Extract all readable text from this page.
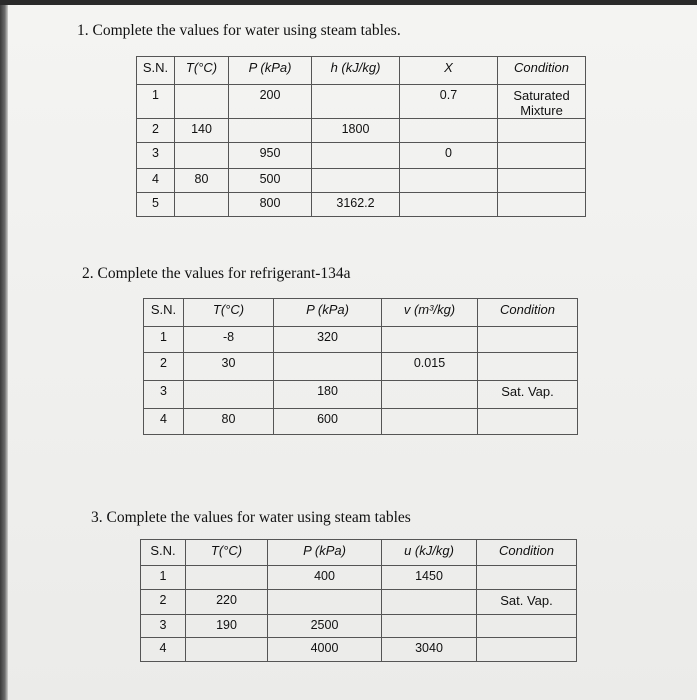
1. Complete the values for water using steam tables.
S.N.	T(°C)	P (kPa)	h (kJ/kg)	X	Condition

1		200		0.7	Saturated Mixture

2	140		1800		

3		950		0	

4	80	500			

5		800	3162.2		

2. Complete the values for refrigerant-134a
S.N.	T(°C)	P (kPa)	v (m³/kg)	Condition

1	-8	320		

2	30		0.015	

3		180		Sat. Vap.

4	80	600		

3. Complete the values for water using steam tables
S.N.	T(°C)	P (kPa)	u (kJ/kg)	Condition

1		400	1450	

2	220			Sat. Vap.

3	190	2500		

4		4000	3040	
